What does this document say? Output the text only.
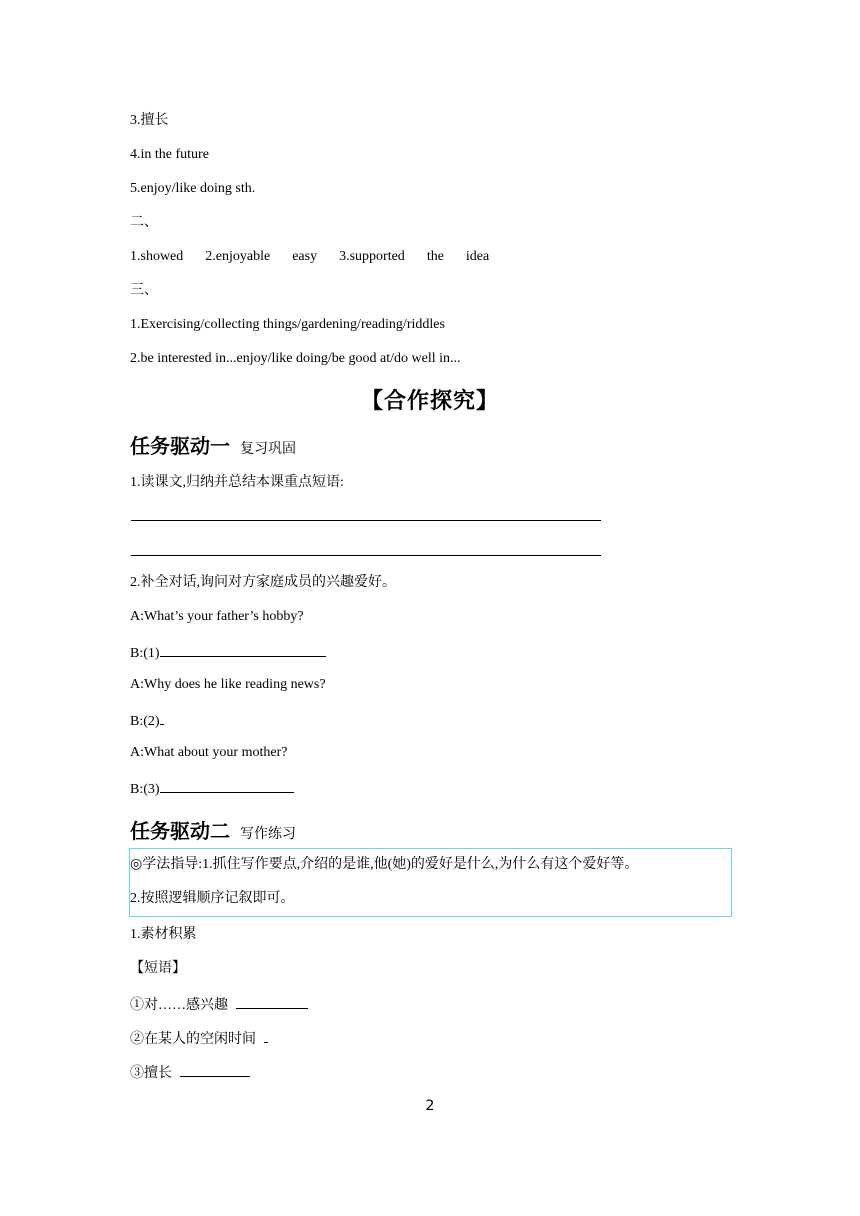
3.擅长
4.in the future
5.enjoy/like doing sth.
二、
1.showed 2.enjoyable easy 3.supported the idea
三、
1.Exercising/collecting things/gardening/reading/riddles
2.be interested in...enjoy/like doing/be good at/do well in...
【合作探究】
任务驱动一 复习巩固
1.读课文,归纳并总结本课重点短语:
2.补全对话,询问对方家庭成员的兴趣爱好。
A:What’s your father’s hobby?
B:(1)
A:Why does he like reading news?
B:(2)
A:What about your mother?
B:(3)
任务驱动二 写作练习
◎学法指导:1.抓住写作要点,介绍的是谁,他(她)的爱好是什么,为什么有这个爱好等。
2.按照逻辑顺序记叙即可。
1.素材积累
【短语】
①对……感兴趣
②在某人的空闲时间
③擅长
2
